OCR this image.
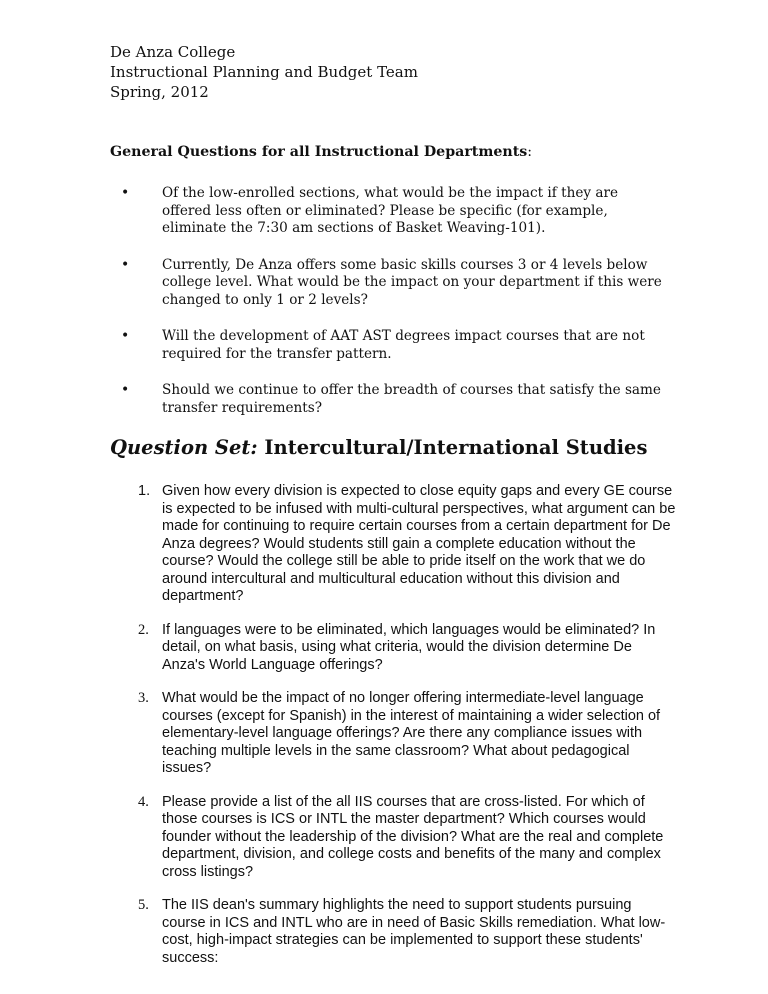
De Anza College
Instructional Planning and Budget Team
Spring, 2012
General Questions for all Instructional Departments:
• Of the low-enrolled sections, what would be the impact if they are offered less often or eliminated? Please be specific (for example, eliminate the 7:30 am sections of Basket Weaving-101).
• Currently, De Anza offers some basic skills courses 3 or 4 levels below college level. What would be the impact on your department if this were changed to only 1 or 2 levels?
• Will the development of AAT AST degrees impact courses that are not required for the transfer pattern.
• Should we continue to offer the breadth of courses that satisfy the same transfer requirements?
Question Set: Intercultural/International Studies
1. Given how every division is expected to close equity gaps and every GE course is expected to be infused with multi-cultural perspectives, what argument can be made for continuing to require certain courses from a certain department for De Anza degrees? Would students still gain a complete education without the course? Would the college still be able to pride itself on the work that we do around intercultural and multicultural education without this division and department?
2. If languages were to be eliminated, which languages would be eliminated? In detail, on what basis, using what criteria, would the division determine De Anza's World Language offerings?
3. What would be the impact of no longer offering intermediate-level language courses (except for Spanish) in the interest of maintaining a wider selection of elementary-level language offerings? Are there any compliance issues with teaching multiple levels in the same classroom? What about pedagogical issues?
4. Please provide a list of the all IIS courses that are cross-listed. For which of those courses is ICS or INTL the master department? Which courses would founder without the leadership of the division? What are the real and complete department, division, and college costs and benefits of the many and complex cross listings?
5. The IIS dean's summary highlights the need to support students pursuing course in ICS and INTL who are in need of Basic Skills remediation. What low-cost, high-impact strategies can be implemented to support these students' success:
